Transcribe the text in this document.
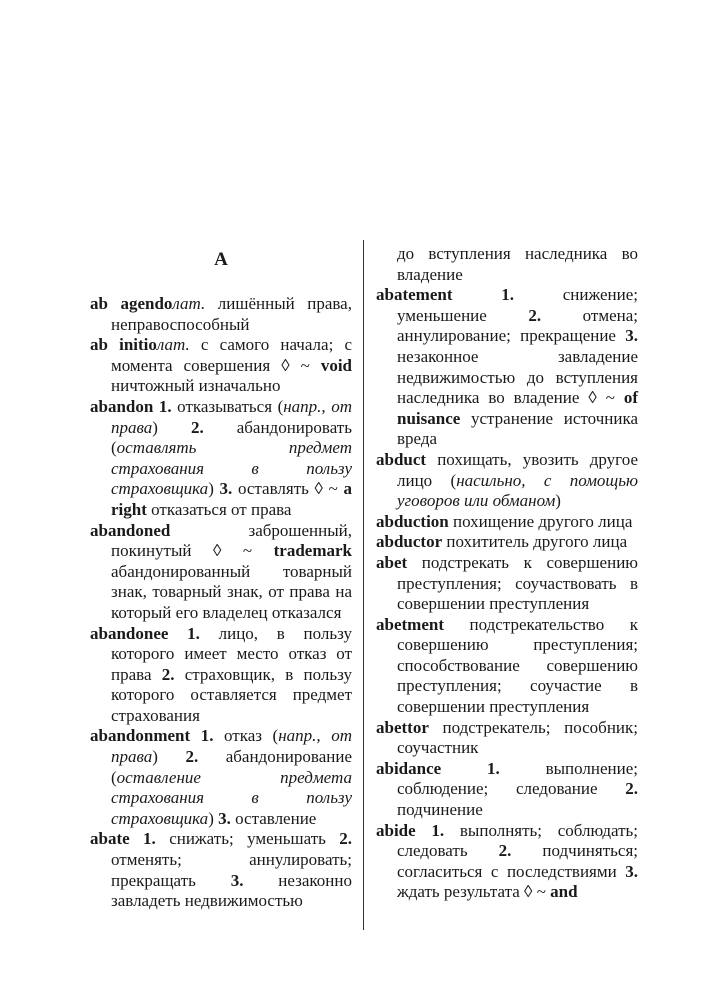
A

ab agendoлат. лишённый права, неправоспособный

ab initioлат. с самого начала; с момента совершения ◊ ~ void ничтожный изначально

abandon 1. отказываться (напр., от права) 2. абандонировать (оставлять предмет страхования в пользу страховщика) 3. оставлять ◊ ~ a right отказаться от права

abandoned заброшенный, покинутый ◊ ~ trademark абандонированный товарный знак, товарный знак, от права на который его владелец отказался

abandonee 1. лицо, в пользу которого имеет место отказ от права 2. страховщик, в пользу которого оставляется предмет страхования

abandonment 1. отказ (напр., от права) 2. абандонирование (оставление предмета страхования в пользу страховщика) 3. оставление

abate 1. снижать; уменьшать 2. отменять; аннулировать; прекращать 3. незаконно завладеть недвижимостью

до вступления наследника во владение

abatement 1. снижение; уменьшение 2. отмена; аннулирование; прекращение 3. незаконное завладение недвижимостью до вступления наследника во владение ◊ ~ of nuisance устранение источника вреда

abduct похищать, увозить другое лицо (насильно, с помощью уговоров или обманом)

abduction похищение другого лица

abductor похититель другого лица

abet подстрекать к совершению преступления; соучаствовать в совершении преступления

abetment подстрекательство к совершению преступления; способствование совершению преступления; соучастие в совершении преступления

abettor подстрекатель; пособник; соучастник

abidance 1. выполнение; соблюдение; следование 2. подчинение

abide 1. выполнять; соблюдать; следовать 2. подчиняться; согласиться с последствиями 3. ждать результата ◊ ~ and
